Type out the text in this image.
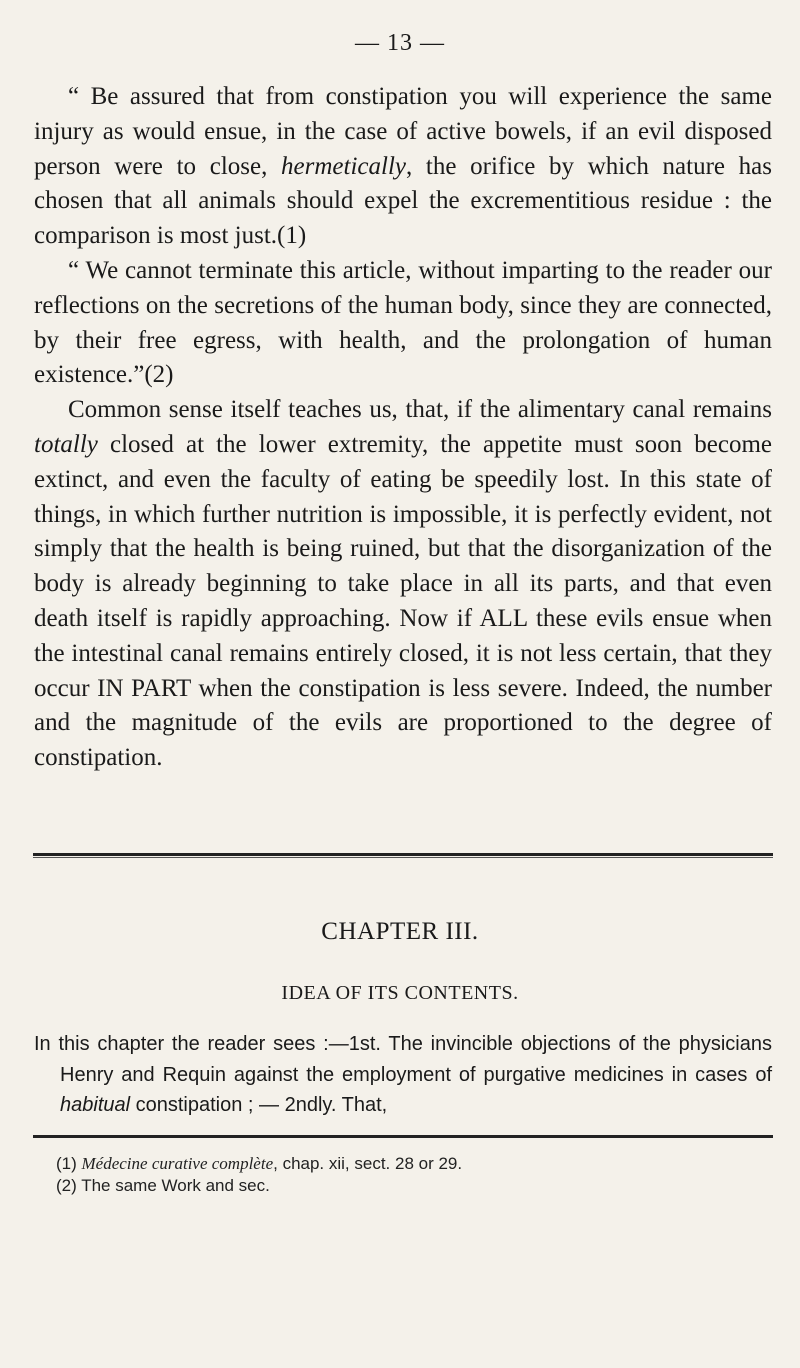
— 13 —

“ Be assured that from constipation you will experience the same injury as would ensue, in the case of active bowels, if an evil disposed person were to close, hermetically, the orifice by which nature has chosen that all animals should expel the excrementitious residue : the comparison is most just.(1)

“ We cannot terminate this article, without imparting to the reader our reflections on the secretions of the human body, since they are connected, by their free egress, with health, and the prolongation of human existence.”(2)

Common sense itself teaches us, that, if the alimentary canal remains totally closed at the lower extremity, the appetite must soon become extinct, and even the faculty of eating be speedily lost. In this state of things, in which further nutrition is impossible, it is perfectly evident, not simply that the health is being ruined, but that the disorganization of the body is already beginning to take place in all its parts, and that even death itself is rapidly approaching. Now if ALL these evils ensue when the intestinal canal remains entirely closed, it is not less certain, that they occur IN PART when the constipation is less severe. Indeed, the number and the magnitude of the evils are proportioned to the degree of constipation.

CHAPTER III.
IDEA OF ITS CONTENTS.

In this chapter the reader sees :—1st. The invincible objections of the physicians Henry and Requin against the employment of purgative medicines in cases of habitual constipation ; — 2ndly. That,

(1) Médecine curative complète, chap. xii, sect. 28 or 29.
(2) The same Work and sec.
